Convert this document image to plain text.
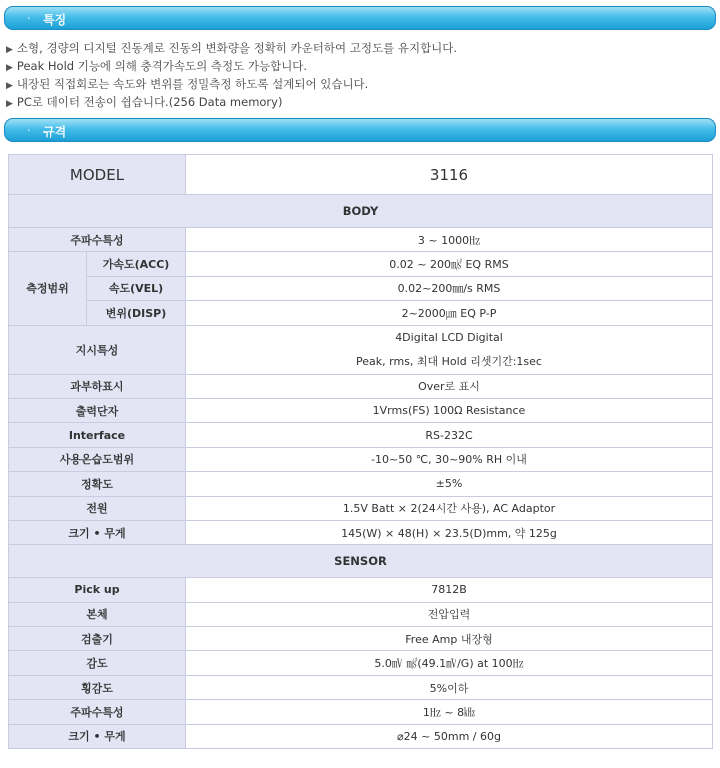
· 특징
▶ 소형, 경량의 디지털 진동계로 진동의 변화량을 정확히 카운터하여 고정도를 유지합니다.
▶ Peak Hold 기능에 의해 충격가속도의 측정도 가능합니다.
▶ 내장된 직접회로는 속도와 변위를 정밀측정 하도록 설계되어 있습니다.
▶ PC로 데이터 전송이 쉽습니다.(256 Data memory)
· 규격
MODEL		3116
BODY		
주파수특성		3 ~ 1000㎐
측정범위	가속도(ACC)	0.02 ~ 200㎨ EQ RMS
	속도(VEL)	0.02~200㎜/s RMS
	변위(DISP)	2~2000㎛ EQ P-P
지시특성		4Digital LCD Digital
Peak, rms, 최대 Hold 리셋기간:1sec

과부하표시		Over로 표시
출력단자		1Vrms(FS) 100Ω Resistance
Interface		RS-232C
사용온습도범위		-10~50 ℃, 30~90% RH 이내
정확도		±5%
전원		1.5V Batt × 2(24시간 사용), AC Adaptor
크기 • 무게		145(W) × 48(H) × 23.5(D)mm, 약 125g
SENSOR		
Pick up		7812B
본체		전압입력
검출기		Free Amp 내장형
감도		5.0㎷ ㎨(49.1㎷/G) at 100㎐
횡감도		5%이하
주파수특성		1㎐ ~ 8㎑
크기 • 무게		⌀24 ~ 50mm / 60g
